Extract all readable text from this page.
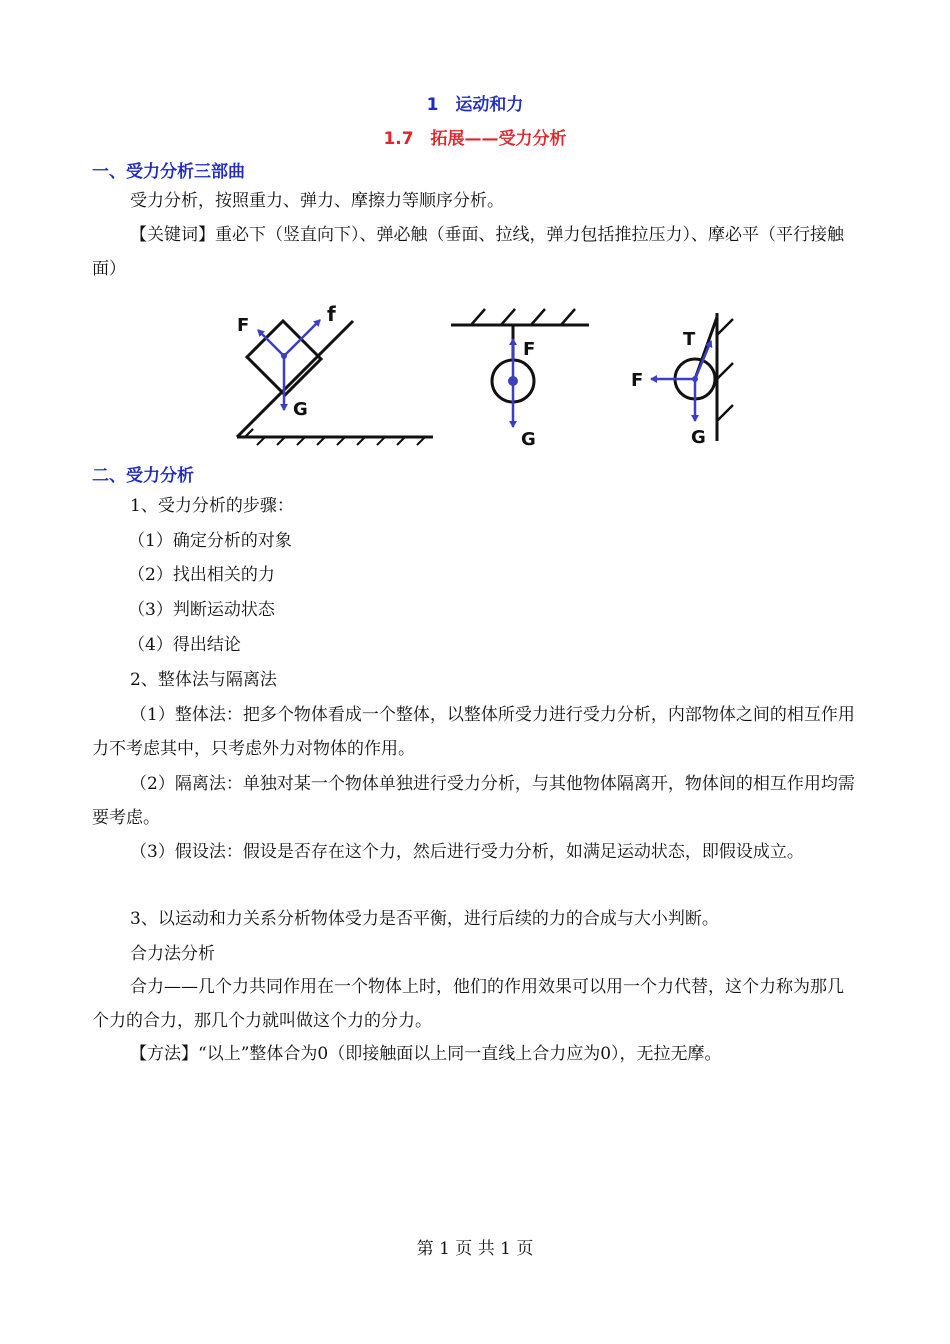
1　运动和力
1.7　拓展——受力分析
一、受力分析三部曲
受力分析，按照重力、弹力、摩擦力等顺序分析。
【关键词】重必下（竖直向下）、弹必触（垂面、拉线，弹力包括推拉压力）、摩必平（平行接触面）
F	f
G
F
G
T
F
G
二、受力分析
1、受力分析的步骤：
（1）确定分析的对象
（2）找出相关的力
（3）判断运动状态
（4）得出结论
2、整体法与隔离法
（1）整体法：把多个物体看成一个整体，以整体所受力进行受力分析，内部物体之间的相互作用力不考虑其中，只考虑外力对物体的作用。
（2）隔离法：单独对某一个物体单独进行受力分析，与其他物体隔离开，物体间的相互作用均需要考虑。
（3）假设法：假设是否存在这个力，然后进行受力分析，如满足运动状态，即假设成立。
3、以运动和力关系分析物体受力是否平衡，进行后续的力的合成与大小判断。
合力法分析
合力——几个力共同作用在一个物体上时，他们的作用效果可以用一个力代替，这个力称为那几个力的合力，那几个力就叫做这个力的分力。
【方法】“以上”整体合为0（即接触面以上同一直线上合力应为0），无拉无摩。
第 1 页 共 1 页
